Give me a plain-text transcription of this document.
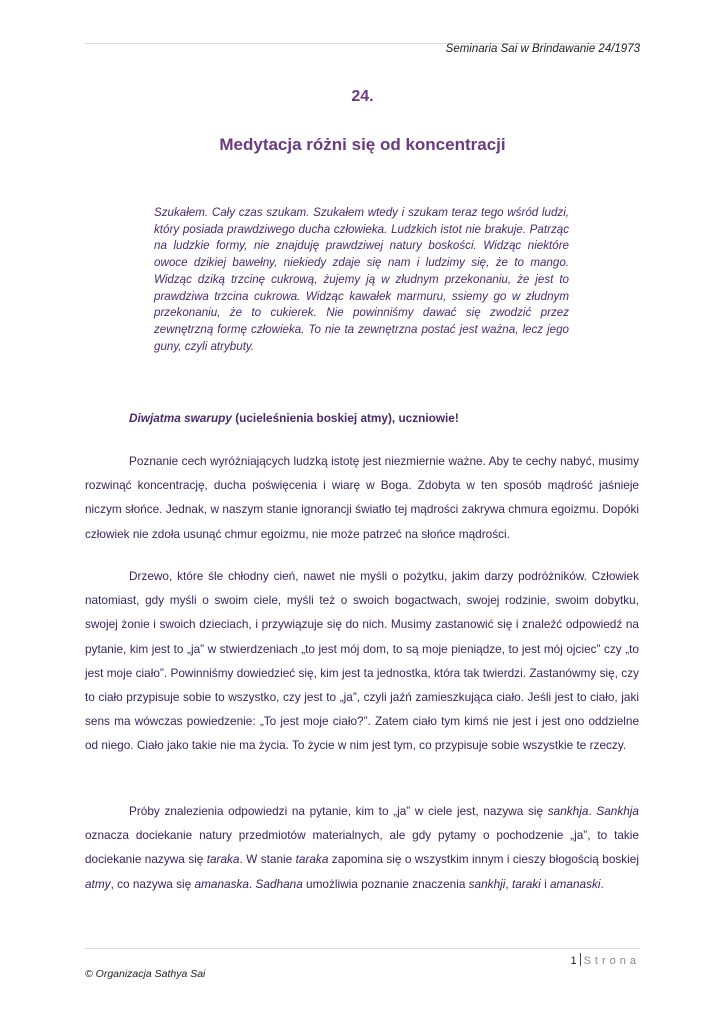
Seminaria Sai w Brindawanie 24/1973
24.
Medytacja różni się od koncentracji
Szukałem. Cały czas szukam. Szukałem wtedy i szukam teraz tego wśród ludzi, który posiada prawdziwego ducha człowieka. Ludzkich istot nie brakuje. Patrząc na ludzkie formy, nie znajduję prawdziwej natury boskości. Widząc niektóre owoce dzikiej bawełny, niekiedy zdaje się nam i ludzimy się, że to mango. Widząc dziką trzcinę cukrową, żujemy ją w złudnym przekonaniu, że jest to prawdziwa trzcina cukrowa. Widząc kawałek marmuru, ssiemy go w złudnym przekonaniu, że to cukierek. Nie powinniśmy dawać się zwodzić przez zewnętrzną formę człowieka. To nie ta zewnętrzna postać jest ważna, lecz jego guny, czyli atrybuty.
Diwjatma swarupy (ucieleśnienia boskiej atmy), uczniowie!

Poznanie cech wyróżniających ludzką istotę jest niezmiernie ważne. Aby te cechy nabyć, musimy rozwinąć koncentrację, ducha poświęcenia i wiarę w Boga. Zdobyta w ten sposób mądrość jaśnieje niczym słońce. Jednak, w naszym stanie ignorancji światło tej mądrości zakrywa chmura egoizmu. Dopóki człowiek nie zdoła usunąć chmur egoizmu, nie może patrzeć na słońce mądrości.

Drzewo, które śle chłodny cień, nawet nie myśli o pożytku, jakim darzy podróżników. Człowiek natomiast, gdy myśli o swoim ciele, myśli też o swoich bogactwach, swojej rodzinie, swoim dobytku, swojej żonie i swoich dzieciach, i przywiązuje się do nich. Musimy zastanowić się i znaleźć odpowiedź na pytanie, kim jest to „ja” w stwierdzeniach „to jest mój dom, to są moje pieniądze, to jest mój ojciec” czy „to jest moje ciało”. Powinniśmy dowiedzieć się, kim jest ta jednostka, która tak twierdzi. Zastanówmy się, czy to ciało przypisuje sobie to wszystko, czy jest to „ja”, czyli jaźń zamieszkująca ciało. Jeśli jest to ciało, jaki sens ma wówczas powiedzenie: „To jest moje ciało?”. Zatem ciało tym kimś nie jest i jest ono oddzielne od niego. Ciało jako takie nie ma życia. To życie w nim jest tym, co przypisuje sobie wszystkie te rzeczy.

Próby znalezienia odpowiedzi na pytanie, kim to „ja” w ciele jest, nazywa się sankhja. Sankhja oznacza dociekanie natury przedmiotów materialnych, ale gdy pytamy o pochodzenie „ja”, to takie dociekanie nazywa się taraka. W stanie taraka zapomina się o wszystkim innym i cieszy błogością boskiej atmy, co nazywa się amanaska. Sadhana umożliwia poznanie znaczenia sankhji, taraki i amanaski.

1 Strona
© Organizacja Sathya Sai
